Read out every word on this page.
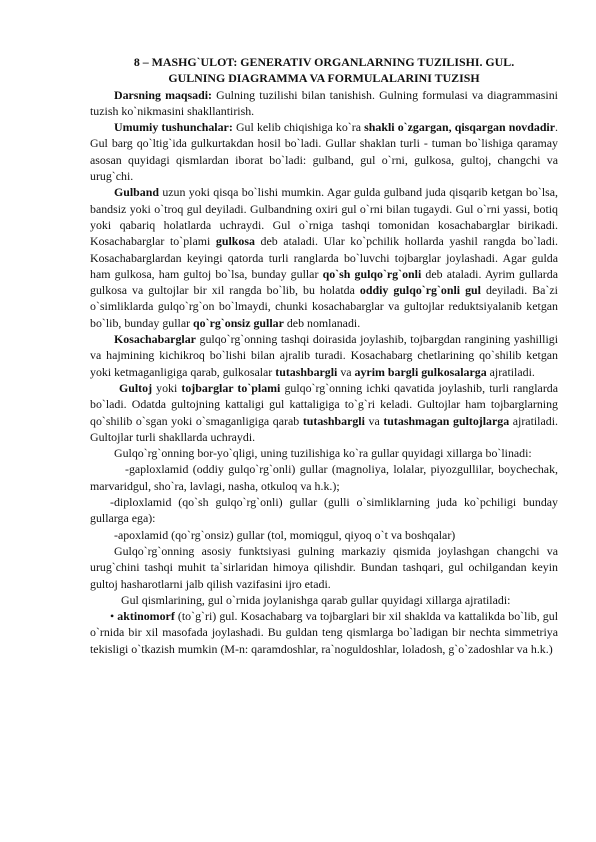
8 – MASHG`ULOT: GENERATIV ORGANLARNING TUZILISHI. GUL.
GULNING DIAGRAMMA VA FORMULALARINI TUZISH

Darsning maqsadi: Gulning tuzilishi bilan tanishish. Gulning formulasi va diagrammasini tuzish ko`nikmasini shakllantirish.

Umumiy tushunchalar: Gul kelib chiqishiga ko`ra shakli o`zgargan, qisqargan novdadir. Gul barg qo`ltig`ida gulkurtakdan hosil bo`ladi. Gullar shaklan turli - tuman bo`lishiga qaramay asosan quyidagi qismlardan iborat bo`ladi: gulband, gul o`rni, gulkosa, gultoj, changchi va urug`chi.

Gulband uzun yoki qisqa bo`lishi mumkin. Agar gulda gulband juda qisqarib ketgan bo`lsa, bandsiz yoki o`troq gul deyiladi. Gulbandning oxiri gul o`rni bilan tugaydi. Gul o`rni yassi, botiq yoki qabariq holatlarda uchraydi. Gul o`rniga tashqi tomonidan kosachabarglar birikadi. Kosachabarglar to`plami gulkosa deb ataladi. Ular ko`pchilik hollarda yashil rangda bo`ladi. Kosachabarglardan keyingi qatorda turli ranglarda bo`luvchi tojbarglar joylashadi. Agar gulda ham gulkosa, ham gultoj bo`lsa, bunday gullar qo`sh gulqo`rg`onli deb ataladi. Ayrim gullarda gulkosa va gultojlar bir xil rangda bo`lib, bu holatda oddiy gulqo`rg`onli gul deyiladi. Ba`zi o`simliklarda gulqo`rg`on bo`lmaydi, chunki kosachabarglar va gultojlar reduktsiyalanib ketgan bo`lib, bunday gullar qo`rg`onsiz gullar deb nomlanadi.

Kosachabarglar gulqo`rg`onning tashqi doirasida joylashib, tojbargdan rangining yashilligi va hajmining kichikroq bo`lishi bilan ajralib turadi. Kosachabarg chetlarining qo`shilib ketgan yoki ketmaganligiga qarab, gulkosalar tutashbargli va ayrim bargli gulkosalarga ajratiladi.

Gultoj yoki tojbarglar to`plami gulqo`rg`onning ichki qavatida joylashib, turli ranglarda bo`ladi. Odatda gultojning kattaligi gul kattaligiga to`g`ri keladi. Gultojlar ham tojbarglarning qo`shilib o`sgan yoki o`smaganligiga qarab tutashbargli va tutashmagan gultojlarga ajratiladi. Gultojlar turli shakllarda uchraydi.

Gulqo`rg`onning bor-yo`qligi, uning tuzilishiga ko`ra gullar quyidagi xillarga bo`linadi:

-gaploxlamid (oddiy gulqo`rg`onli) gullar (magnoliya, lolalar, piyozgullilar, boychechak, marvaridgul, sho`ra, lavlagi, nasha, otkuloq va h.k.);

-diploxlamid (qo`sh gulqo`rg`onli) gullar (gulli o`simliklarning juda ko`pchiligi bunday gullarga ega):

-apoxlamid (qo`rg`onsiz) gullar (tol, momiqgul, qiyoq o`t va boshqalar)

Gulqo`rg`onning asosiy funktsiyasi gulning markaziy qismida joylashgan changchi va urug`chini tashqi muhit ta`sirlaridan himoya qilishdir. Bundan tashqari, gul ochilgandan keyin gultoj hasharotlarni jalb qilish vazifasini ijro etadi.

Gul qismlarining, gul o`rnida joylanishga qarab gullar quyidagi xillarga ajratiladi:

• aktinomorf (to`g`ri) gul. Kosachabarg va tojbarglari bir xil shaklda va kattalikda bo`lib, gul o`rnida bir xil masofada joylashadi. Bu guldan teng qismlarga bo`ladigan bir nechta simmetriya tekisligi o`tkazish mumkin (M-n: qaramdoshlar, ra`noguldoshlar, loladosh, g`o`zadoshlar va h.k.)
